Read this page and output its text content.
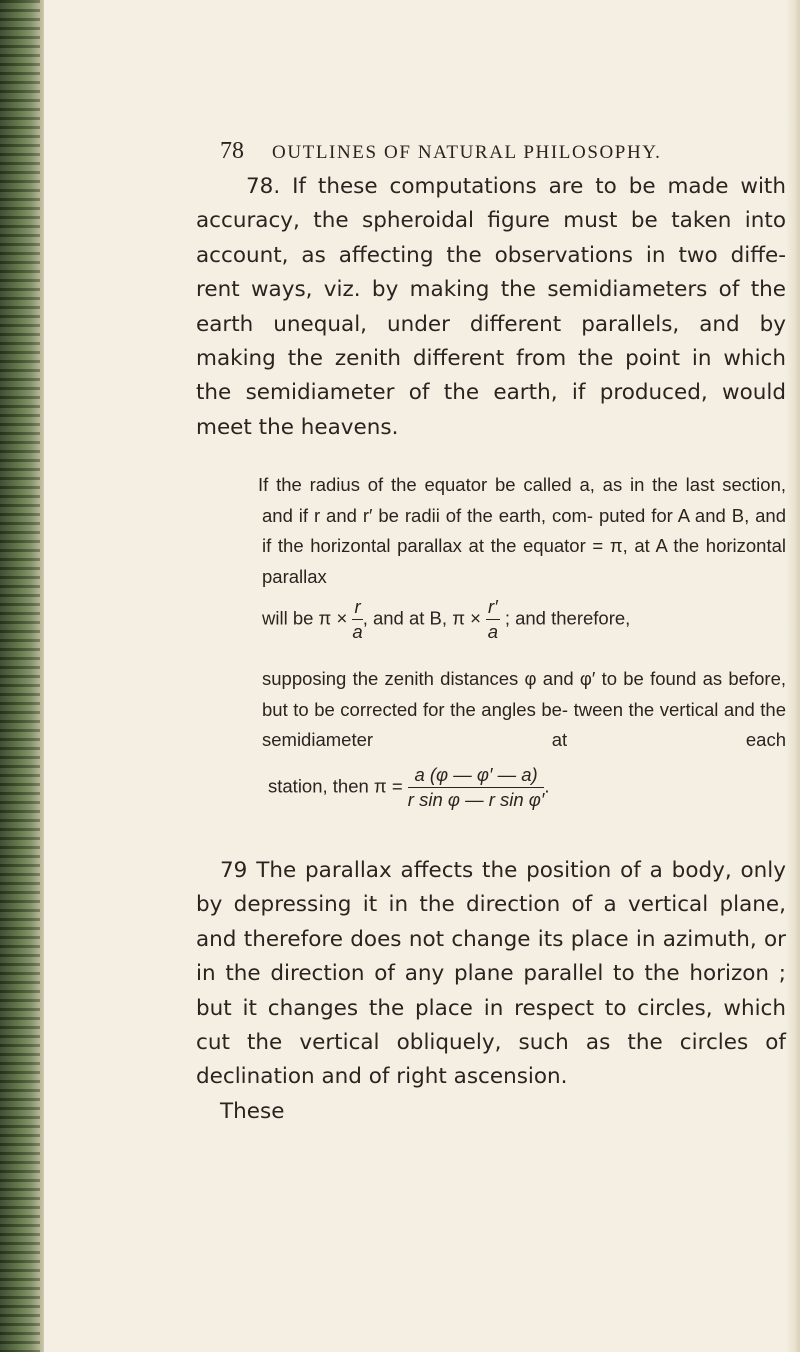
78 OUTLINES OF NATURAL PHILOSOPHY.
78. If these computations are to be made with accuracy, the spheroidal figure must be taken into account, as affecting the observations in two diffe- rent ways, viz. by making the semidiameters of the earth unequal, under different parallels, and by making the zenith different from the point in which the semidiameter of the earth, if produced, would meet the heavens.
If the radius of the equator be called a, as in the last section, and if r and r′ be radii of the earth, com- puted for A and B, and if the horizontal parallax at the equator = π, at A the horizontal parallax
will be $\pi \times \frac{r}{a}$ , and at B, $\pi \times \frac{r'}{a}$ ; and therefore,
supposing the zenith distances φ and φ′ to be found as before, but to be corrected for the angles be- tween the vertical and the semidiameter at each
station, then $\pi = \frac{a (\varphi — \varphi' — a)}{\text{r sin φ — r sin φ′}}$ .
79 The parallax affects the position of a body, only by depressing it in the direction of a vertical plane, and therefore does not change its place in azimuth, or in the direction of any plane parallel to the horizon ; but it changes the place in respect to circles, which cut the vertical obliquely, such as the circles of declination and of right ascension.
These
